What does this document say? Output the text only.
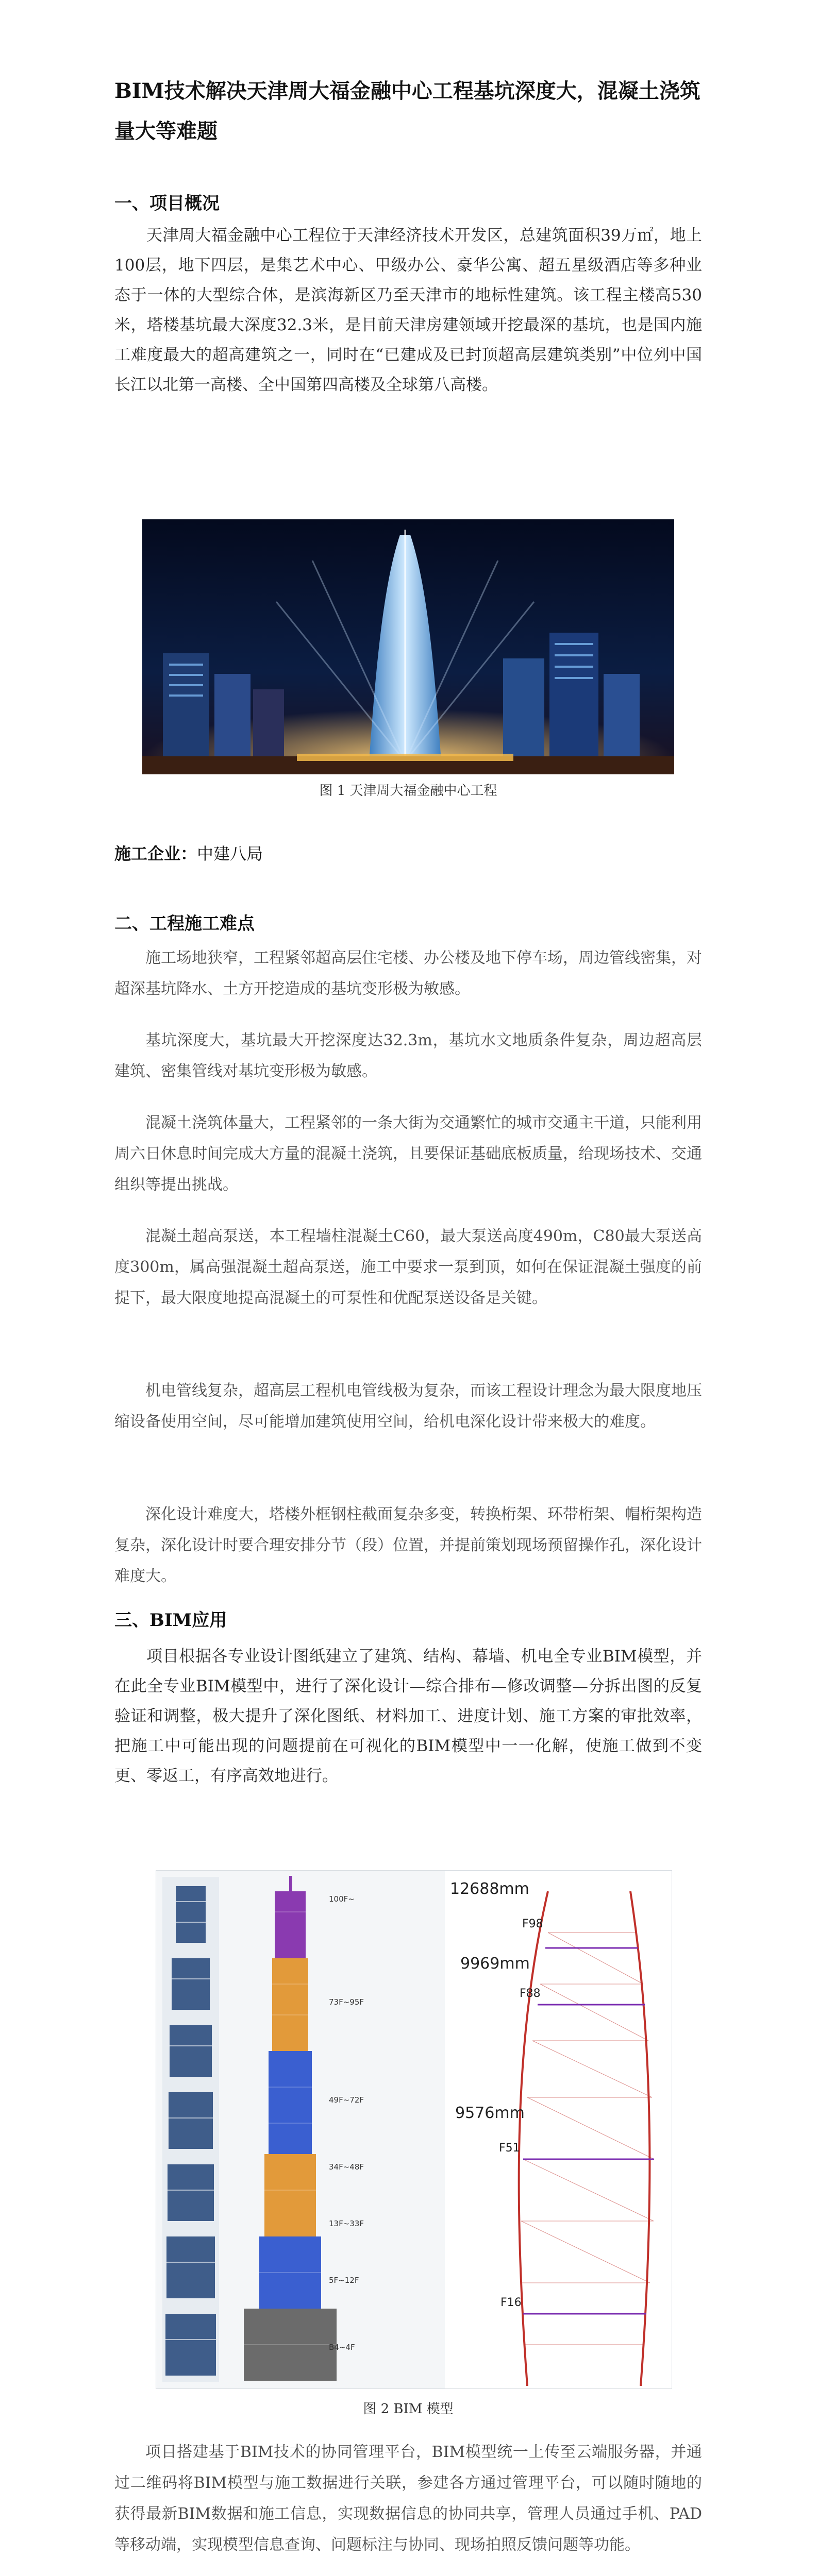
BIM技术解决天津周大福金融中心工程基坑深度大，混凝土浇筑量大等难题
一、项目概况

天津周大福金融中心工程位于天津经济技术开发区，总建筑面积39万㎡，地上100层，地下四层，是集艺术中心、甲级办公、豪华公寓、超五星级酒店等多种业态于一体的大型综合体，是滨海新区乃至天津市的地标性建筑。该工程主楼高530米，塔楼基坑最大深度32.3米，是目前天津房建领域开挖最深的基坑，也是国内施工难度最大的超高建筑之一，同时在“已建成及已封顶超高层建筑类别”中位列中国长江以北第一高楼、全中国第四高楼及全球第八高楼。

图 1 天津周大福金融中心工程
施工企业：中建八局
二、工程施工难点

施工场地狭窄，工程紧邻超高层住宅楼、办公楼及地下停车场，周边管线密集，对超深基坑降水、土方开挖造成的基坑变形极为敏感。

基坑深度大，基坑最大开挖深度达32.3m，基坑水文地质条件复杂，周边超高层建筑、密集管线对基坑变形极为敏感。

混凝土浇筑体量大，工程紧邻的一条大街为交通繁忙的城市交通主干道，只能利用周六日休息时间完成大方量的混凝土浇筑，且要保证基础底板质量，给现场技术、交通组织等提出挑战。

混凝土超高泵送，本工程墙柱混凝土C60，最大泵送高度490m，C80最大泵送高度300m，属高强混凝土超高泵送，施工中要求一泵到顶，如何在保证混凝土强度的前提下，最大限度地提高混凝土的可泵性和优配泵送设备是关键。

机电管线复杂，超高层工程机电管线极为复杂，而该工程设计理念为最大限度地压缩设备使用空间，尽可能增加建筑使用空间，给机电深化设计带来极大的难度。

深化设计难度大，塔楼外框钢柱截面复杂多变，转换桁架、环带桁架、帽桁架构造复杂，深化设计时要合理安排分节（段）位置，并提前策划现场预留操作孔，深化设计难度大。

三、BIM应用

项目根据各专业设计图纸建立了建筑、结构、幕墙、机电全专业BIM模型，并在此全专业BIM模型中，进行了深化设计—综合排布—修改调整—分拆出图的反复验证和调整，极大提升了深化图纸、材料加工、进度计划、施工方案的审批效率，把施工中可能出现的问题提前在可视化的BIM模型中一一化解，使施工做到不变更、零返工，有序高效地进行。

100F~
73F~95F
49F~72F
34F~48F
13F~33F
5F~12F
B4~4F
12688mm
9969mm
9576mm
F98
F88
F51
F16
图 2 BIM 模型

项目搭建基于BIM技术的协同管理平台，BIM模型统一上传至云端服务器，并通过二维码将BIM模型与施工数据进行关联，参建各方通过管理平台，可以随时随地的获得最新BIM数据和施工信息，实现数据信息的协同共享，管理人员通过手机、PAD等移动端，实现模型信息查询、问题标注与协同、现场拍照反馈问题等功能。
